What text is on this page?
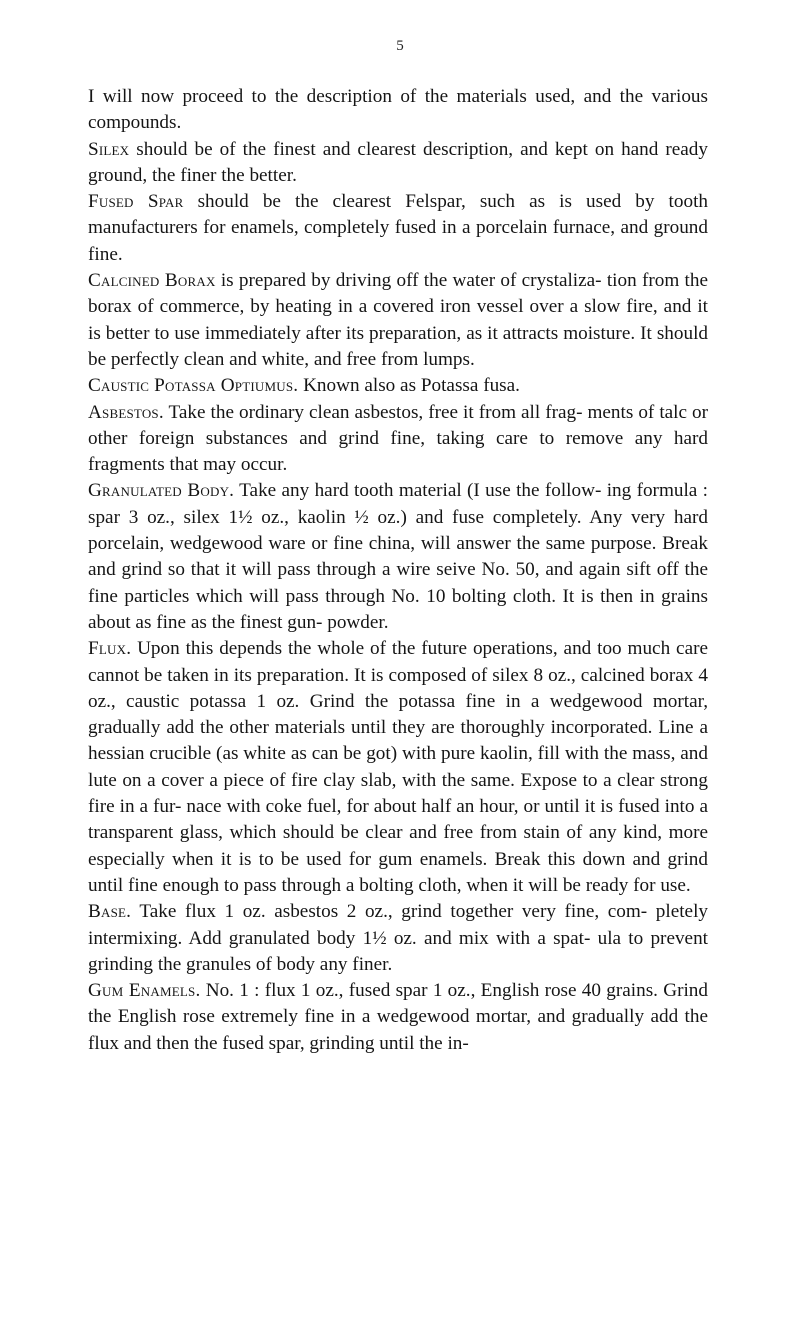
5

I will now proceed to the description of the materials used, and the various compounds.

Silex should be of the finest and clearest description, and kept on hand ready ground, the finer the better.

Fused Spar should be the clearest Felspar, such as is used by tooth manufacturers for enamels, completely fused in a porcelain furnace, and ground fine.

Calcined Borax is prepared by driving off the water of crystaliza- tion from the borax of commerce, by heating in a covered iron vessel over a slow fire, and it is better to use immediately after its preparation, as it attracts moisture. It should be perfectly clean and white, and free from lumps.

Caustic Potassa Optiumus. Known also as Potassa fusa.

Asbestos. Take the ordinary clean asbestos, free it from all frag- ments of talc or other foreign substances and grind fine, taking care to remove any hard fragments that may occur.

Granulated Body. Take any hard tooth material (I use the follow- ing formula : spar 3 oz., silex 1½ oz., kaolin ½ oz.) and fuse completely. Any very hard porcelain, wedgewood ware or fine china, will answer the same purpose. Break and grind so that it will pass through a wire seive No. 50, and again sift off the fine particles which will pass through No. 10 bolting cloth. It is then in grains about as fine as the finest gun- powder.

Flux. Upon this depends the whole of the future operations, and too much care cannot be taken in its preparation. It is composed of silex 8 oz., calcined borax 4 oz., caustic potassa 1 oz. Grind the potassa fine in a wedgewood mortar, gradually add the other materials until they are thoroughly incorporated. Line a hessian crucible (as white as can be got) with pure kaolin, fill with the mass, and lute on a cover a piece of fire clay slab, with the same. Expose to a clear strong fire in a fur- nace with coke fuel, for about half an hour, or until it is fused into a transparent glass, which should be clear and free from stain of any kind, more especially when it is to be used for gum enamels. Break this down and grind until fine enough to pass through a bolting cloth, when it will be ready for use.

Base. Take flux 1 oz. asbestos 2 oz., grind together very fine, com- pletely intermixing. Add granulated body 1½ oz. and mix with a spat- ula to prevent grinding the granules of body any finer.

Gum Enamels. No. 1 : flux 1 oz., fused spar 1 oz., English rose 40 grains. Grind the English rose extremely fine in a wedgewood mortar, and gradually add the flux and then the fused spar, grinding until the in-
